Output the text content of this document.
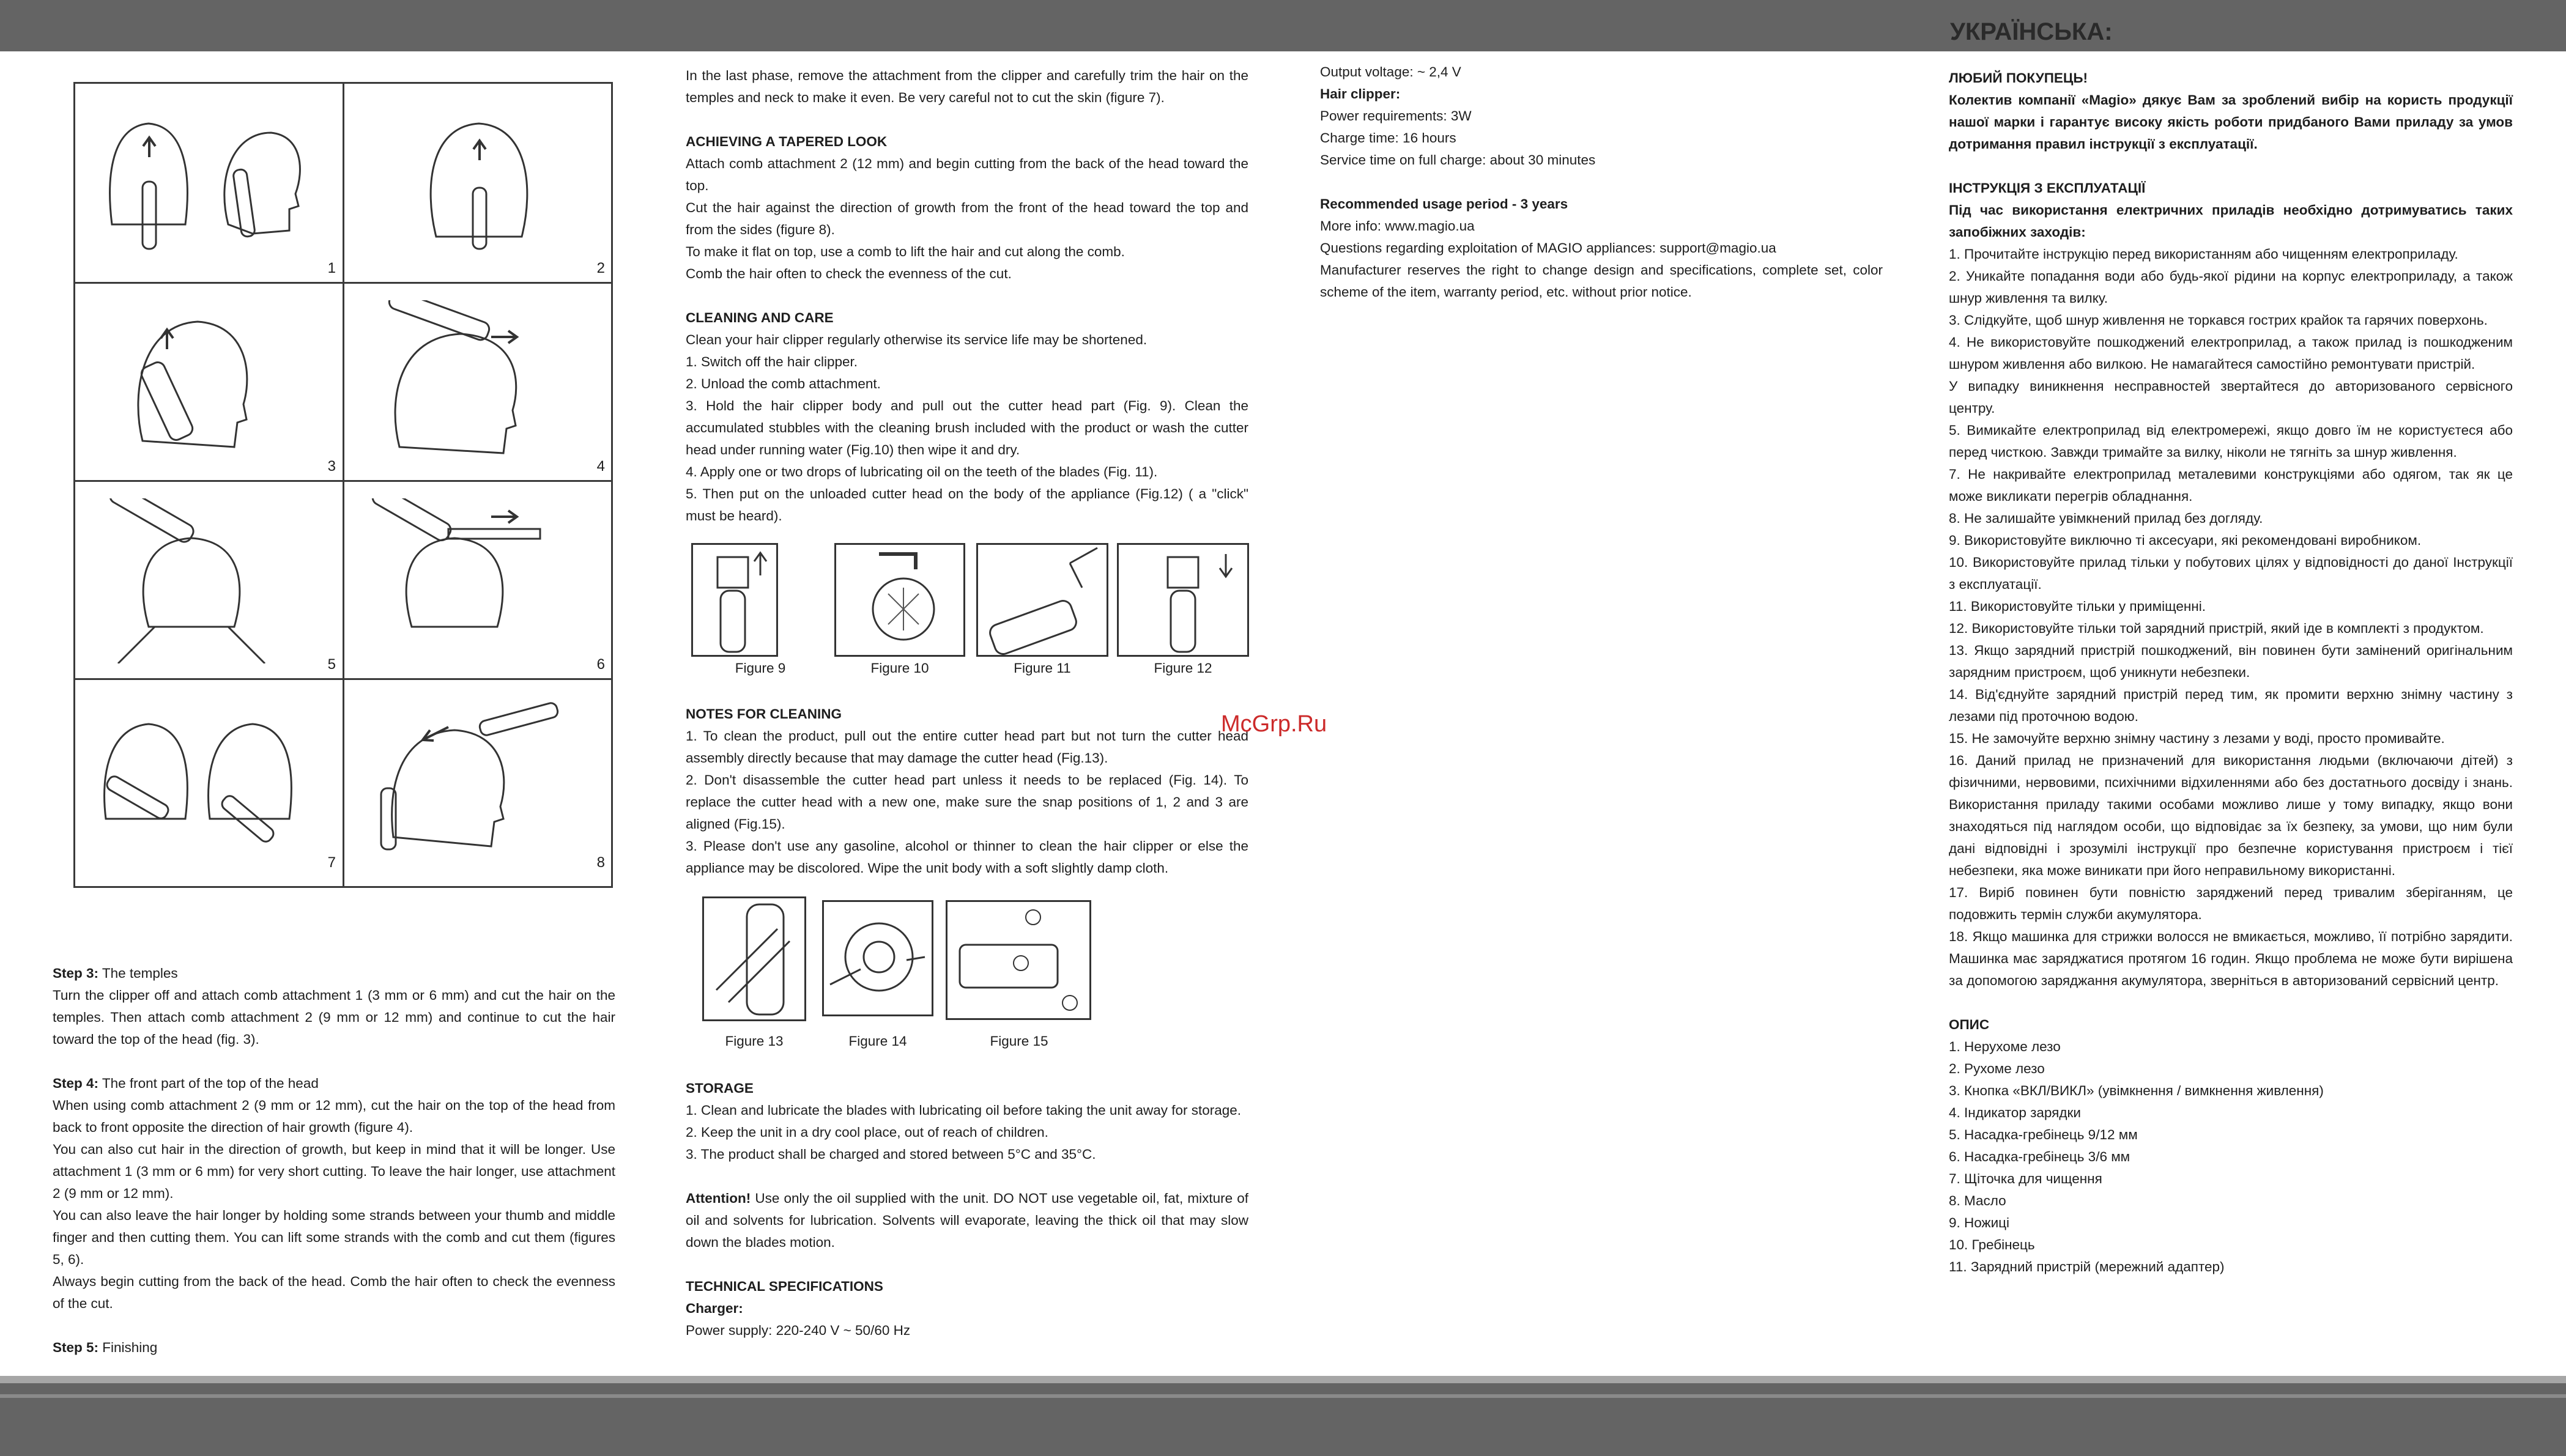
УКРАЇНСЬКА:
1	2
3	4
5	6
7	8

Step 3: The temples

Turn the clipper off and attach comb attachment 1 (3 mm or 6 mm) and cut the hair on the temples. Then attach comb attachment 2 (9 mm or 12 mm) and continue to cut the hair toward the top of the head (fig. 3).

Step 4: The front part of the top of the head

When using comb attachment 2 (9 mm or 12 mm), cut the hair on the top of the head from back to front opposite the direction of hair growth (figure 4).

You can also cut hair in the direction of growth, but keep in mind that it will be longer. Use attachment 1 (3 mm or 6 mm) for very short cutting. To leave the hair longer, use attachment 2 (9 mm or 12 mm).

You can also leave the hair longer by holding some strands between your thumb and middle finger and then cutting them. You can lift some strands with the comb and cut them (figures 5, 6).

Always begin cutting from the back of the head. Comb the hair often to check the evenness of the cut.

Step 5: Finishing

In the last phase, remove the attachment from the clipper and carefully trim the hair on the temples and neck to make it even. Be very careful not to cut the skin (figure 7).

ACHIEVING A TAPERED LOOK

Attach comb attachment 2 (12 mm) and begin cutting from the back of the head toward the top.

Cut the hair against the direction of growth from the front of the head toward the top and from the sides (figure 8).

To make it flat on top, use a comb to lift the hair and cut along the comb.

Comb the hair often to check the evenness of the cut.

CLEANING AND CARE

Clean your hair clipper regularly otherwise its service life may be shortened.

1. Switch off the hair clipper.

2. Unload the comb attachment.

3. Hold the hair clipper body and pull out the cutter head part (Fig. 9). Clean the accumulated stubbles with the cleaning brush included with the product or wash the cutter head under running water (Fig.10) then wipe it and dry.

4. Apply one or two drops of lubricating oil on the teeth of the blades (Fig. 11).

5. Then put on the unloaded cutter head on the body of the appliance (Fig.12) ( a "click" must be heard).

Figure 9	Figure 10	Figure 11	Figure 12

NOTES FOR CLEANING

1. To clean the product, pull out the entire cutter head part but not turn the cutter head assembly directly because that may damage the cutter head (Fig.13).

2. Don't disassemble the cutter head part unless it needs to be replaced (Fig. 14). To replace the cutter head with a new one, make sure the snap positions of 1, 2 and 3 are aligned (Fig.15).

3. Please don't use any gasoline, alcohol or thinner to clean the hair clipper or else the appliance may be discolored. Wipe the unit body with a soft slightly damp cloth.

Figure 13	Figure 14	Figure 15

STORAGE

1. Clean and lubricate the blades with lubricating oil before taking the unit away for storage.

2. Keep the unit in a dry cool place, out of reach of children.

3. The product shall be charged and stored between 5°C and 35°C.

Attention! Use only the oil supplied with the unit. DO NOT use vegetable oil, fat, mixture of oil and solvents for lubrication. Solvents will evaporate, leaving the thick oil that may slow down the blades motion.

TECHNICAL SPECIFICATIONS

Charger:

Power supply: 220-240 V ~ 50/60 Hz

Output voltage: ~ 2,4 V

Hair clipper:

Power requirements: 3W

Charge time: 16 hours

Service time on full charge: about 30 minutes

Recommended usage period - 3 years

More info: www.magio.ua

Questions regarding exploitation of MAGIO appliances: support@magio.ua

Manufacturer reserves the right to change design and specifications, complete set, color scheme of the item, warranty period, etc. without prior notice.

ЛЮБИЙ ПОКУПЕЦЬ!

Колектив компанії «Magio» дякує Вам за зроблений вибір на користь продукції нашої марки і гарантує високу якість роботи придбаного Вами приладу за умов дотримання правил інструкції з експлуатації.

ІНСТРУКЦІЯ З ЕКСПЛУАТАЦІЇ

Під час використання електричних приладів необхідно дотримуватись таких запобіжних заходів:

1. Прочитайте інструкцію перед використанням або чищенням електроприладу.

2. Уникайте попадання води або будь-якої рідини на корпус електроприладу, а також шнур живлення та вилку.

3. Слідкуйте, щоб шнур живлення не торкався гострих крайок та гарячих поверхонь.

4. Не використовуйте пошкоджений електроприлад, а також прилад із пошкодженим шнуром живлення або вилкою. Не намагайтеся самостійно ремонтувати пристрій.

У випадку виникнення несправностей звертайтеся до авторизованого сервісного центру.

5. Вимикайте електроприлад від електромережі, якщо довго їм не користуєтеся або перед чисткою. Завжди тримайте за вилку, ніколи не тягніть за шнур живлення.

7. Не накривайте електроприлад металевими конструкціями або одягом, так як це може викликати перегрів обладнання.

8. Не залишайте увімкнений прилад без догляду.

9. Використовуйте виключно ті аксесуари, які рекомендовані виробником.

10. Використовуйте прилад тільки у побутових цілях у відповідності до даної Інструкції з експлуатації.

11. Використовуйте тільки у приміщенні.

12. Використовуйте тільки той зарядний пристрій, який іде в комплекті з продуктом.

13. Якщо зарядний пристрій пошкоджений, він повинен бути замінений оригінальним зарядним пристроєм, щоб уникнути небезпеки.

14. Від'єднуйте зарядний пристрій перед тим, як промити верхню знімну частину з лезами під проточною водою.

15. Не замочуйте верхню знімну частину з лезами у воді, просто промивайте.

16. Даний прилад не призначений для використання людьми (включаючи дітей) з фізичними, нервовими, психічними відхиленнями або без достатнього досвіду і знань. Використання приладу такими особами можливо лише у тому випадку, якщо вони знаходяться під наглядом особи, що відповідає за їх безпеку, за умови, що ним були дані відповідні і зрозумілі інструкції про безпечне користування пристроєм і тієї небезпеки, яка може виникати при його неправильному використанні.

17. Виріб повинен бути повністю заряджений перед тривалим зберіганням, це подовжить термін служби акумулятора.

18. Якщо машинка для стрижки волосся не вмикається, можливо, її потрібно зарядити. Машинка має заряджатися протягом 16 годин. Якщо проблема не може бути вирішена за допомогою заряджання акумулятора, зверніться в авторизований сервісний центр.

ОПИС

1. Нерухоме лезо

2. Рухоме лезо

3. Кнопка «ВКЛ/ВИКЛ» (увімкнення / вимкнення живлення)

4. Індикатор зарядки

5. Насадка-гребінець 9/12 мм

6. Насадка-гребінець 3/6 мм

7. Щіточка для чищення

8. Масло

9. Ножиці

10. Гребінець

11. Зарядний пристрій (мережний адаптер)

McGrp.Ru
